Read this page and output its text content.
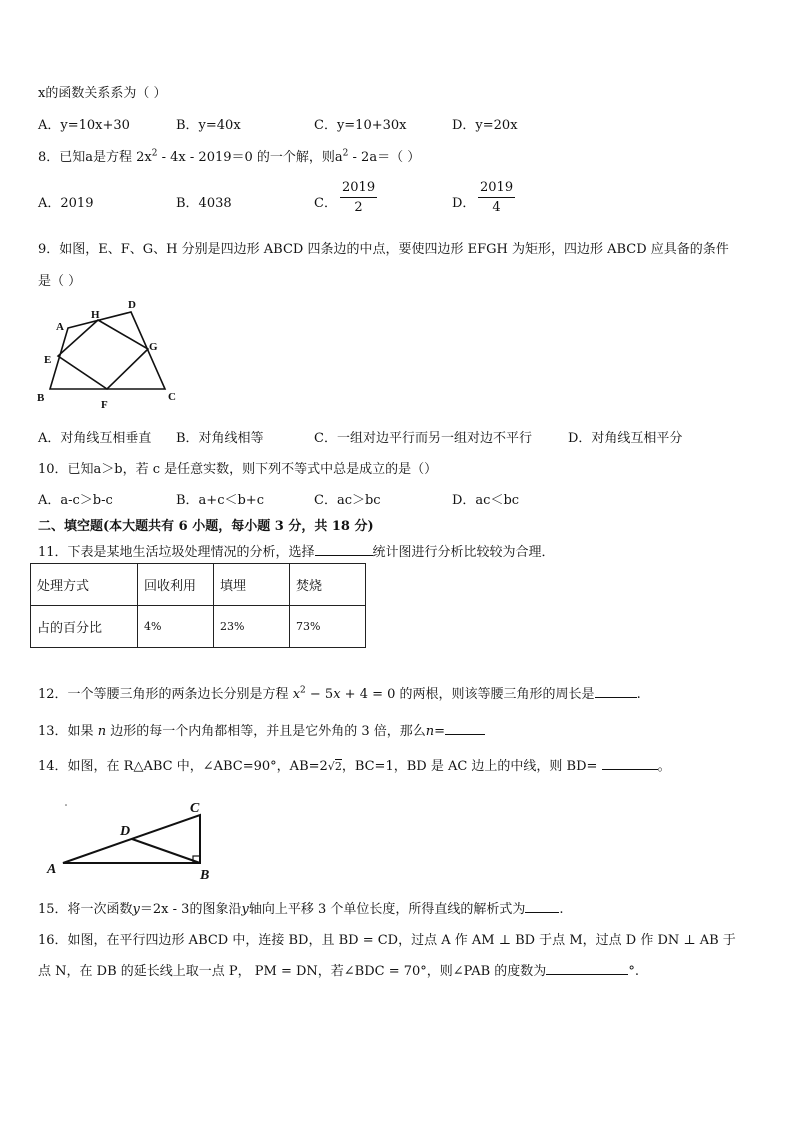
x的函数关系系为（ ）
A．y=10x+30	B．y=40x	C．y=10+30x	D．y=20x
8．已知a是方程 $2x^2 - 4x - 2019=0$ 的一个解，则$a^2 - 2a=$（ ）
A．2019	B．4038	C． $\frac{2019}{2}$	D． $\frac{2019}{4}$
9．如图，E、F、G、H 分别是四边形 ABCD 四条边的中点，要使四边形 EFGH 为矩形，四边形 ABCD 应具备的条件
是（ ）
A
H
D
E
G
B
F
C
A．对角线互相垂直 B．对角线相等	C．一组对边平行而另一组对边不平行	D．对角线互相平分
10．已知a＞b，若 c 是任意实数，则下列不等式中总是成立的是（）
A．a-c＞b-c	B．a+c＜b+c	C．ac＞bc	D．ac＜bc
二、填空题(本大题共有 6 小题，每小题 3 分，共 18 分)
11．下表是某地生活垃圾处理情况的分析，选择	统计图进行分析比较较为合理．
处理方式	回收利用	填埋	焚烧
占的百分比	4%	23%	73%
12．一个等腰三角形的两条边长分别是方程 $x^2 - 5x + 4 = 0$ 的两根，则该等腰三角形的周长是	.
13．如果 n 边形的每一个内角都相等，并且是它外角的 3 倍，那么n=
14．如图，在 R△ABC 中，∠ABC=90°，AB=2√2，BC=1，BD 是 AC 边上的中线，则 BD=	。
C
D
A	B
15．将一次函数y＝2x - 3的图象沿y轴向上平移 3 个单位长度，所得直线的解析式为	.
16．如图，在平行四边形 ABCD 中，连接 BD，且 BD = CD，过点 A 作 AM ⊥ BD 于点 M，过点 D 作 DN ⊥ AB 于
点 N，在 DB 的延长线上取一点 P， PM = DN，若∠BDC = 70°，则∠PAB 的度数为	°.
